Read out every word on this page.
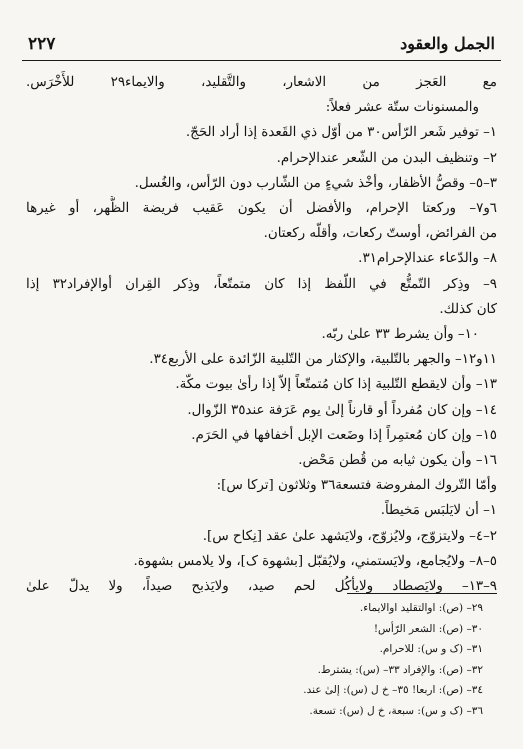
الجمل والعقود
٢٢٧
مع العَجز من الاشعار، والتَّقليد، والايماء٢٩ للأَخْرَس.
والمسنونات ستّة عشر فعلاً:
١– توفير شَعر الرّأس٣٠ من أوّل ذي القَعدة إذا أراد الحَجّ.
٢– وتنظيف البدن من الشّعر عندالإحرام.
٣–٥– وقصُّ الأظفار، وأخْذ شيءٍ من الشّارب دون الرّأس، والغُسل.
٦و٧– وركعتا الإحرام، والأفضل أن يكون عَقيب فريضة الظُّهر، أو غيرها
من الفرائض، أوستّ ركعات، وأقلّه ركعتان.
٨– والدّعاء عندالإحرام٣١.
٩– وذِكر التّمتُّع في اللّفظ إذا كان متمتّعاً، وذِكر القِران أوالإفراد٣٢ إذا
كان كذلك.
١٠– وأن يشرط ٣٣ علىٰ ربّه.
١١و١٢– والجهر بالتّلبية، والإكثار من التّلبية الزّائدة على الأربع٣٤.
١٣– وأن لايقطع التّلبية إذا كان مُتمتّعاً إلاّ إذا رأىٰ بيوت مكّة.
١٤– وإن كان مُفرداً أو قارناً إلىٰ يوم عَرَفة عند٣٥ الزّوال.
١٥– وإن كان مُعتمِراً إذا وضَعت الإبل أخفافها في الحَرَم.
١٦– وأن يكون ثيابه من قُطن مَحْض.
وأمّا التّروك المفروضة فتسعة٣٦ وثلاثون [تركا س]:
١– أن لايَلبَس مَخيطاً.
٢–٤– ولايتزوّج، ولايُزوّج، ولايَشهد علىٰ عقد [نِكاح س].
٥–٨– ولايُجامع، ولايَستمني، ولايُقبّل [بشهوة ک]، ولا يلامس بشهوة.
٩–١٣– ولايَصطاد ولايأكُل لحم صيد، ولايَذبح صيداً، ولا يدلّ علىٰ
٢٩– (ص): اوالتقليد اوالايماء.
٣٠– (ص): الشعر الرّأس!
٣١– (ک و س): للاحرام.
٣٢– (ص): والإفراد ٣٣– (س): يشترط.
٣٤– (ص): اربعا! ٣٥– خ ل (س): إلیٰ عند.
٣٦– (ک و س): سبعة، خ ل (س): تسعة.
